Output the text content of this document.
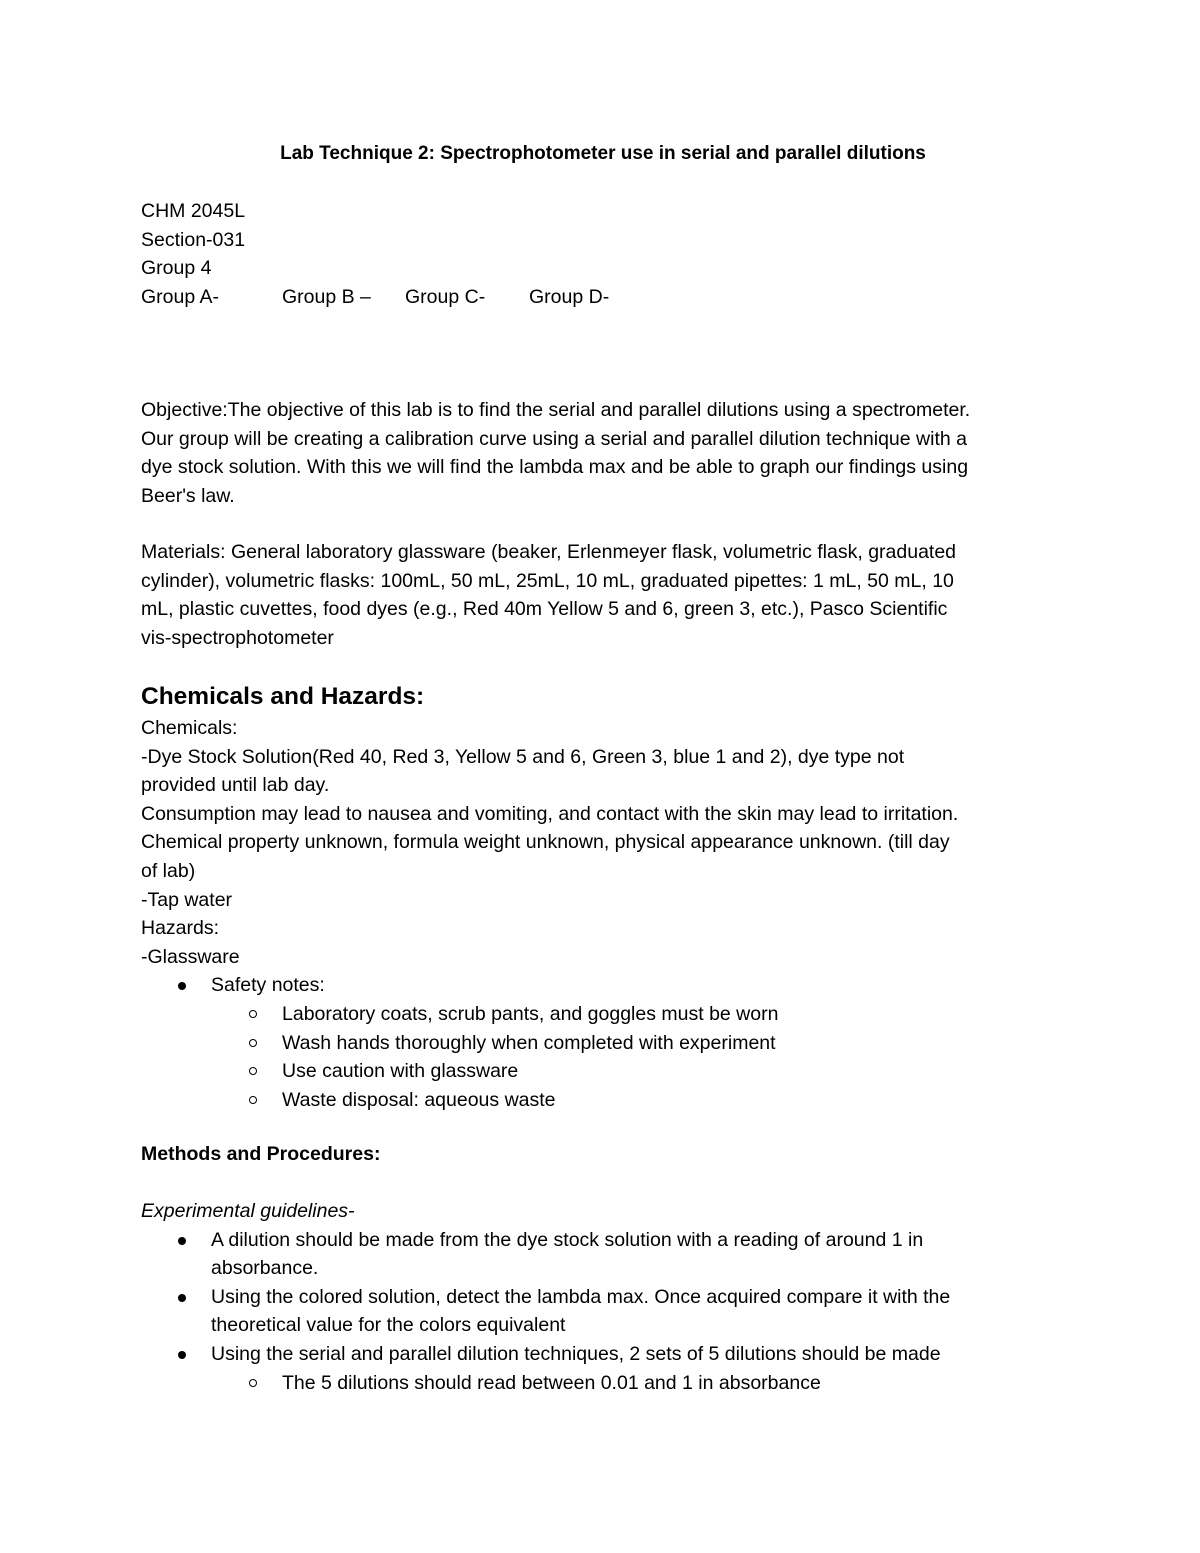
Lab Technique 2: Spectrophotometer use in serial and parallel dilutions
CHM 2045L
Section-031
Group 4
Group A-	Group B – Group C- Group D-
Objective:The objective of this lab is to find the serial and parallel dilutions using a spectrometer.
Our group will be creating a calibration curve using a serial and parallel dilution technique with a
dye stock solution. With this we will find the lambda max and be able to graph our findings using
Beer's law.
Materials: General laboratory glassware (beaker, Erlenmeyer flask, volumetric flask, graduated
cylinder), volumetric flasks: 100mL, 50 mL, 25mL, 10 mL, graduated pipettes: 1 mL, 50 mL, 10
mL, plastic cuvettes, food dyes (e.g., Red 40m Yellow 5 and 6, green 3, etc.), Pasco Scientific
vis-spectrophotometer
Chemicals and Hazards:
Chemicals:
-Dye Stock Solution(Red 40, Red 3, Yellow 5 and 6, Green 3, blue 1 and 2), dye type not
provided until lab day.
Consumption may lead to nausea and vomiting, and contact with the skin may lead to irritation.
Chemical property unknown, formula weight unknown, physical appearance unknown. (till day
of lab)
-Tap water
Hazards:
-Glassware
Safety notes:
Laboratory coats, scrub pants, and goggles must be worn
Wash hands thoroughly when completed with experiment
Use caution with glassware
Waste disposal: aqueous waste
Methods and Procedures:
Experimental guidelines-
A dilution should be made from the dye stock solution with a reading of around 1 in
absorbance.
Using the colored solution, detect the lambda max. Once acquired compare it with the
theoretical value for the colors equivalent
Using the serial and parallel dilution techniques, 2 sets of 5 dilutions should be made
The 5 dilutions should read between 0.01 and 1 in absorbance
